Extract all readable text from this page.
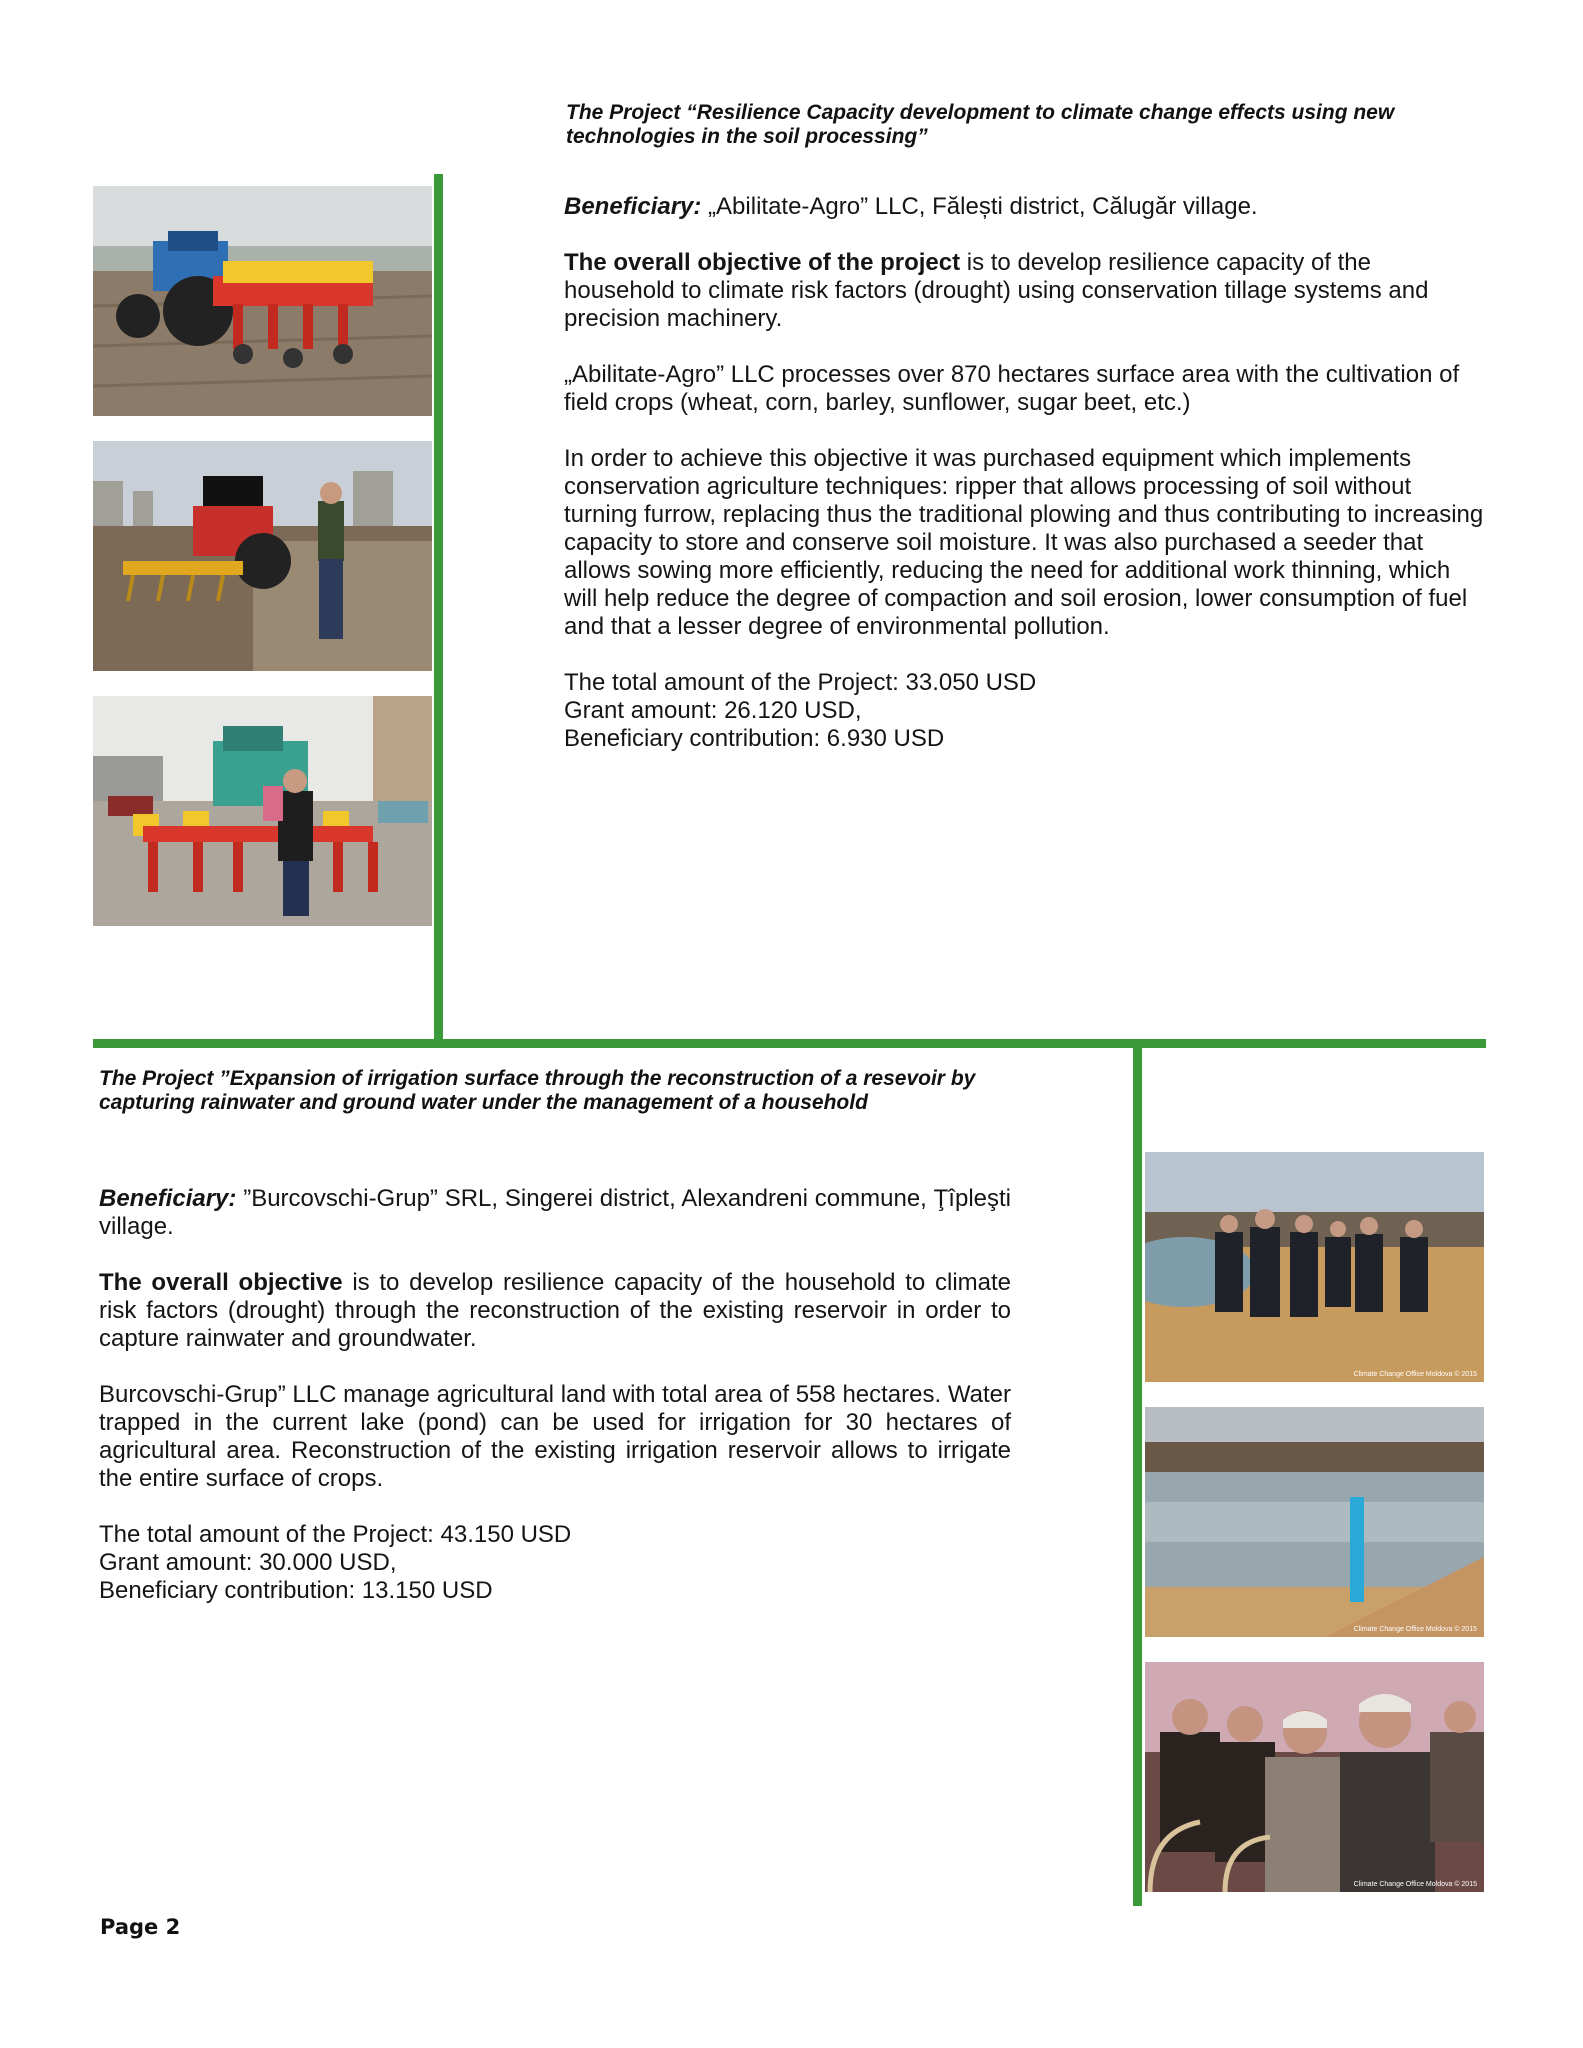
The Project “Resilience Capacity development to climate change effects using new technologies in the soil processing”

Beneficiary: „Abilitate-Agro” LLC, Fălești district, Călugăr village.

The overall objective of the project is to develop resilience capacity of the household to climate risk factors (drought) using conservation tillage systems and precision machinery.

„Abilitate-Agro” LLC processes over 870 hectares surface area with the cultivation of field crops (wheat, corn, barley, sunflower, sugar beet, etc.)

In order to achieve this objective it was purchased equipment which implements conservation agriculture techniques: ripper that allows processing of soil without turning furrow, replacing thus the traditional plowing and thus contributing to increasing capacity to store and conserve soil moisture. It was also purchased a seeder that allows sowing more efficiently, reducing the need for additional work thinning, which will help reduce the degree of compaction and soil erosion, lower consumption of fuel and that a lesser degree of environmental pollution.

The total amount of the Project: 33.050 USD

Grant amount: 26.120 USD,

Beneficiary contribution: 6.930 USD

The Project ”Expansion of irrigation surface through the reconstruction of a resevoir by capturing rainwater and ground water under the management of a household

Beneficiary: ”Burcovschi-Grup” SRL, Singerei district, Alexandreni commune, Ţîpleşti village.

The overall objective is to develop resilience capacity of the household to climate risk factors (drought) through the reconstruction of the existing reservoir in order to capture rainwater and groundwater.

Burcovschi-Grup” LLC manage agricultural land with total area of 558 hectares. Water trapped in the current lake (pond) can be used for irrigation for 30 hectares of agricultural area. Reconstruction of the existing irrigation reservoir allows to irrigate the entire surface of crops.

The total amount of the Project: 43.150 USD

Grant amount: 30.000 USD,

Beneficiary contribution: 13.150 USD

Climate Change Office Moldova © 2015
Climate Change Office Moldova © 2015
Climate Change Office Moldova © 2015
Page 2
